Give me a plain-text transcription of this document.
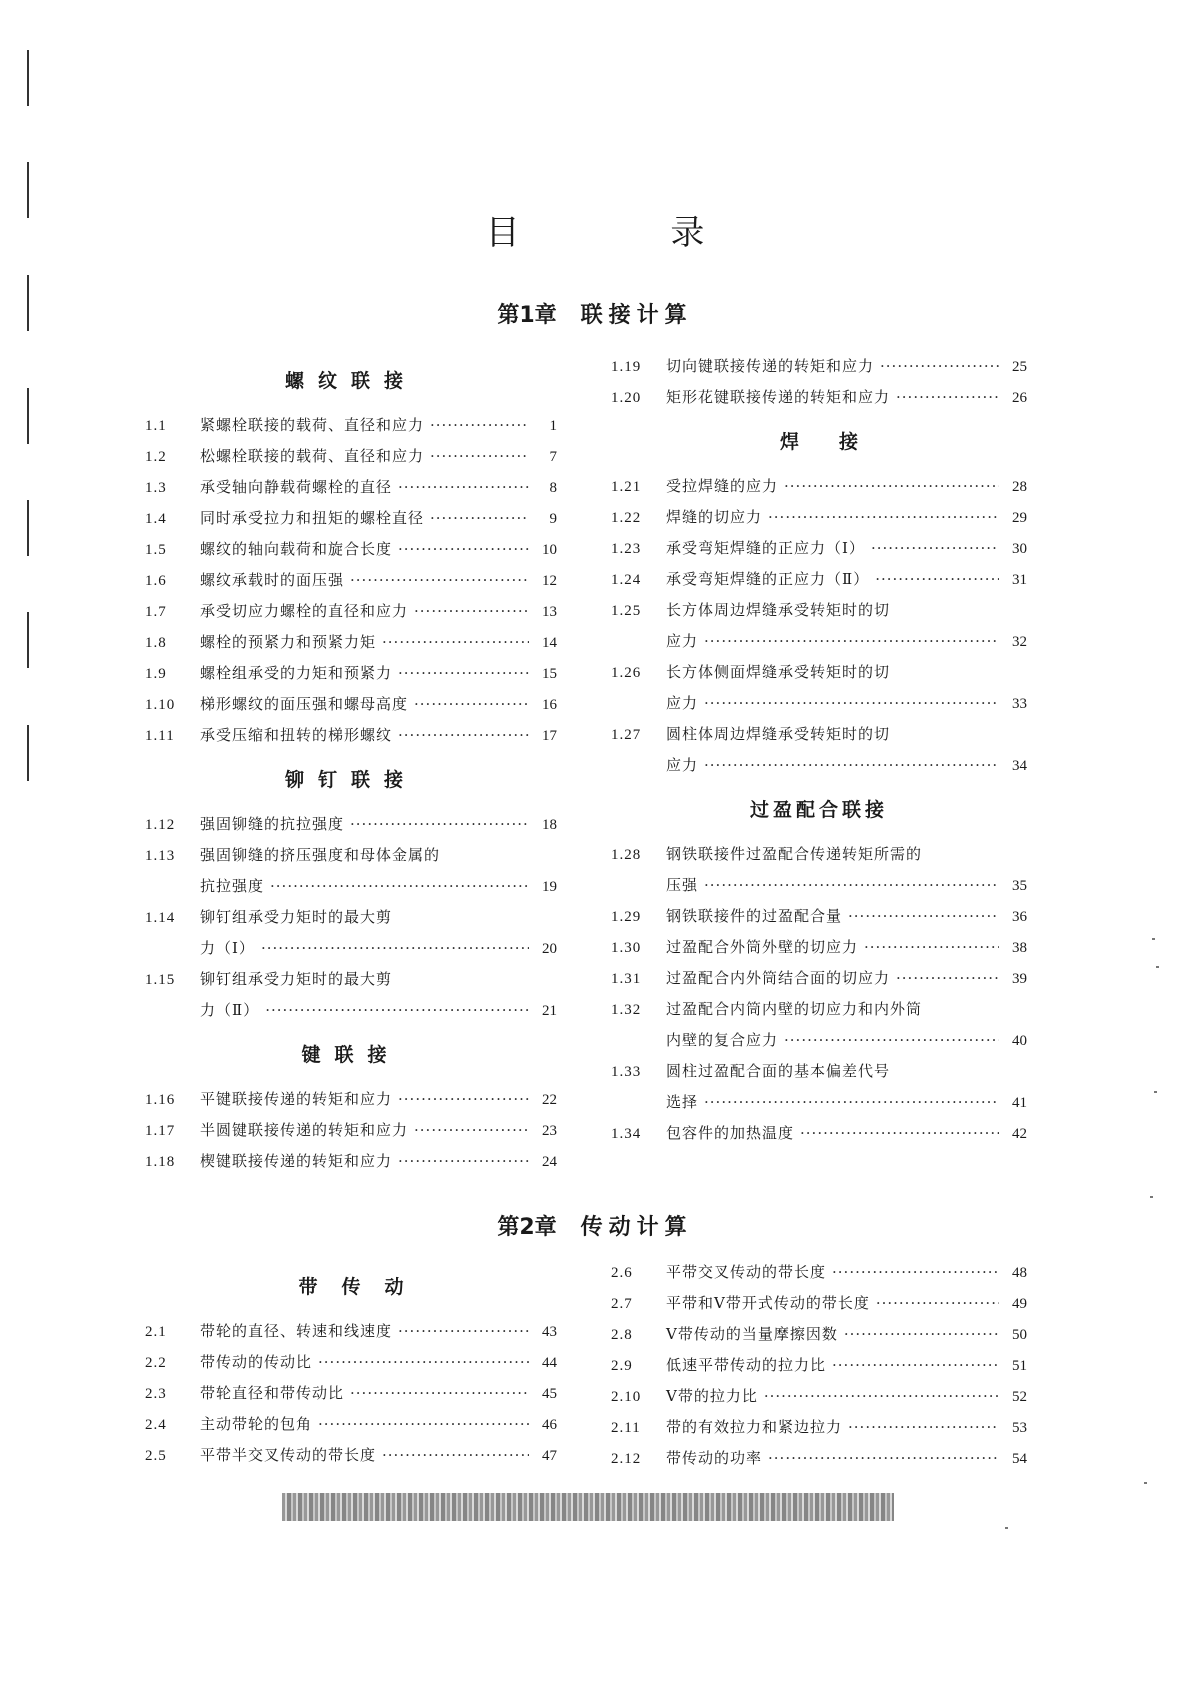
目 录
第1章 联接计算
螺纹联接
1.1	紧螺栓联接的载荷、直径和应力 ·····	1
1.2	松螺栓联接的载荷、直径和应力 ·····	7
1.3	承受轴向静载荷螺栓的直径 ·····	8
1.4	同时承受拉力和扭矩的螺栓直径 ·····	9
1.5	螺纹的轴向载荷和旋合长度 ·····	10
1.6	螺纹承载时的面压强 ·····	12
1.7	承受切应力螺栓的直径和应力 ·····	13
1.8	螺栓的预紧力和预紧力矩 ·····	14
1.9	螺栓组承受的力矩和预紧力 ·····	15
1.10	梯形螺纹的面压强和螺母高度 ·····	16
1.11	承受压缩和扭转的梯形螺纹 ·····	17
铆钉联接
1.12	强固铆缝的抗拉强度 ·····	18
1.13	强固铆缝的挤压强度和母体金属的
抗拉强度 ·····	19
1.14	铆钉组承受力矩时的最大剪
力（Ⅰ） ·····	20
1.15	铆钉组承受力矩时的最大剪
力（Ⅱ） ·····	21
键联接
1.16	平键联接传递的转矩和应力 ·····	22
1.17	半圆键联接传递的转矩和应力 ·····	23
1.18	楔键联接传递的转矩和应力 ·····	24
1.19	切向键联接传递的转矩和应力 ·····	25
1.20	矩形花键联接传递的转矩和应力 ·····	26
焊接
1.21	受拉焊缝的应力 ·····	28
1.22	焊缝的切应力 ·····	29
1.23	承受弯矩焊缝的正应力（Ⅰ） ·····	30
1.24	承受弯矩焊缝的正应力（Ⅱ） ·····	31
1.25	长方体周边焊缝承受转矩时的切
应力 ·····	32
1.26	长方体侧面焊缝承受转矩时的切
应力 ·····	33
1.27	圆柱体周边焊缝承受转矩时的切
应力 ·····	34
过盈配合联接
1.28	钢铁联接件过盈配合传递转矩所需的
压强 ·····	35
1.29	钢铁联接件的过盈配合量 ·····	36
1.30	过盈配合外筒外壁的切应力 ·····	38
1.31	过盈配合内外筒结合面的切应力 ·····	39
1.32	过盈配合内筒内壁的切应力和内外筒
内壁的复合应力 ·····	40
1.33	圆柱过盈配合面的基本偏差代号
选择 ·····	41
1.34	包容件的加热温度 ·····	42
第2章 传动计算
带传动
2.1	带轮的直径、转速和线速度 ·····	43
2.2	带传动的传动比 ·····	44
2.3	带轮直径和带传动比 ·····	45
2.4	主动带轮的包角 ·····	46
2.5	平带半交叉传动的带长度 ·····	47
2.6	平带交叉传动的带长度 ·····	48
2.7	平带和V带开式传动的带长度 ·····	49
2.8	V带传动的当量摩擦因数 ·····	50
2.9	低速平带传动的拉力比 ·····	51
2.10	V带的拉力比 ·····	52
2.11	带的有效拉力和紧边拉力 ·····	53
2.12	带传动的功率 ·····	54
